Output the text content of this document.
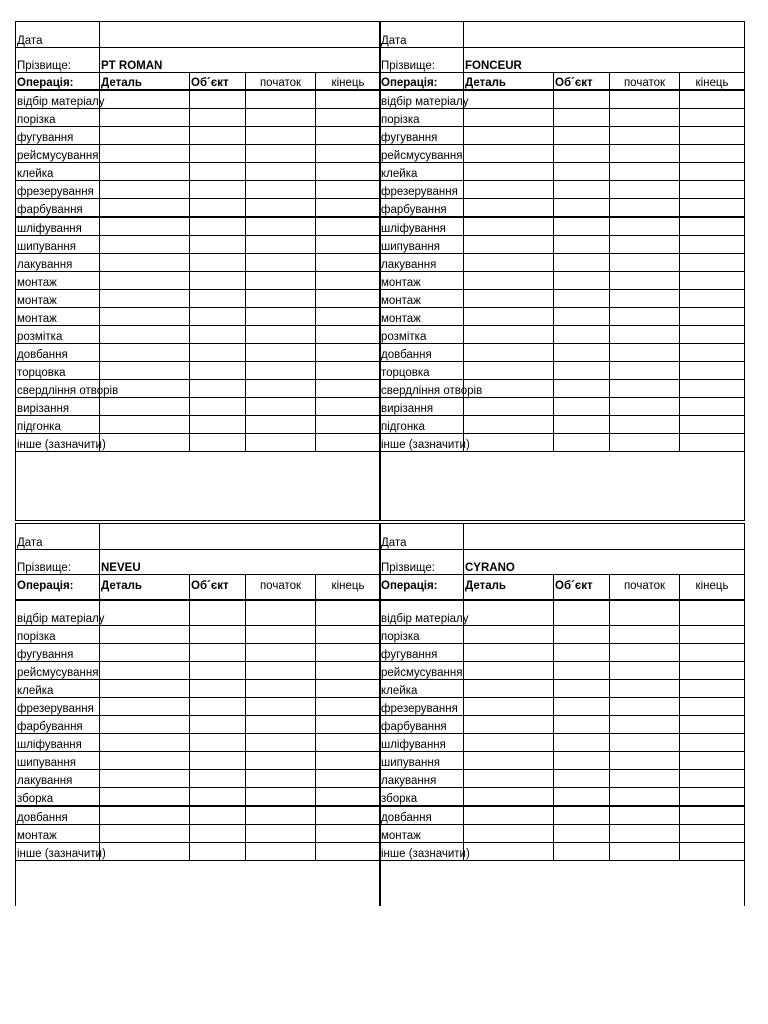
Дата				
Прізвище:	PT ROMAN			
Операція:	Деталь	Об´єкт	початок	кінець
відбір матеріалу				
порізка				
фугування				
рейсмусування				
клейка				
фрезерування				
фарбування				
шліфування				
шипування				
лакування				
монтаж				
монтаж				
монтаж				
розмітка				
довбання				
торцовка				
свердління отворів				
вирізання				
підгонка				
інше (зазначити)				

Дата				
Прізвище:	FONCEUR			
Операція:	Деталь	Об´єкт	початок	кінець
відбір матеріалу				
порізка				
фугування				
рейсмусування				
клейка				
фрезерування				
фарбування				
шліфування				
шипування				
лакування				
монтаж				
монтаж				
монтаж				
розмітка				
довбання				
торцовка				
свердління отворів				
вирізання				
підгонка				
інше (зазначити)				

Дата				
Прізвище:	NEVEU			
Операція:	Деталь	Об´єкт	початок	кінець
відбір матеріалу				
порізка				
фугування				
рейсмусування				
клейка				
фрезерування				
фарбування				
шліфування				
шипування				
лакування				
зборка				
довбання				
монтаж				
інше (зазначити)				

Дата				
Прізвище:	CYRANO			
Операція:	Деталь	Об´єкт	початок	кінець
відбір матеріалу				
порізка				
фугування				
рейсмусування				
клейка				
фрезерування				
фарбування				
шліфування				
шипування				
лакування				
зборка				
довбання				
монтаж				
інше (зазначити)				
